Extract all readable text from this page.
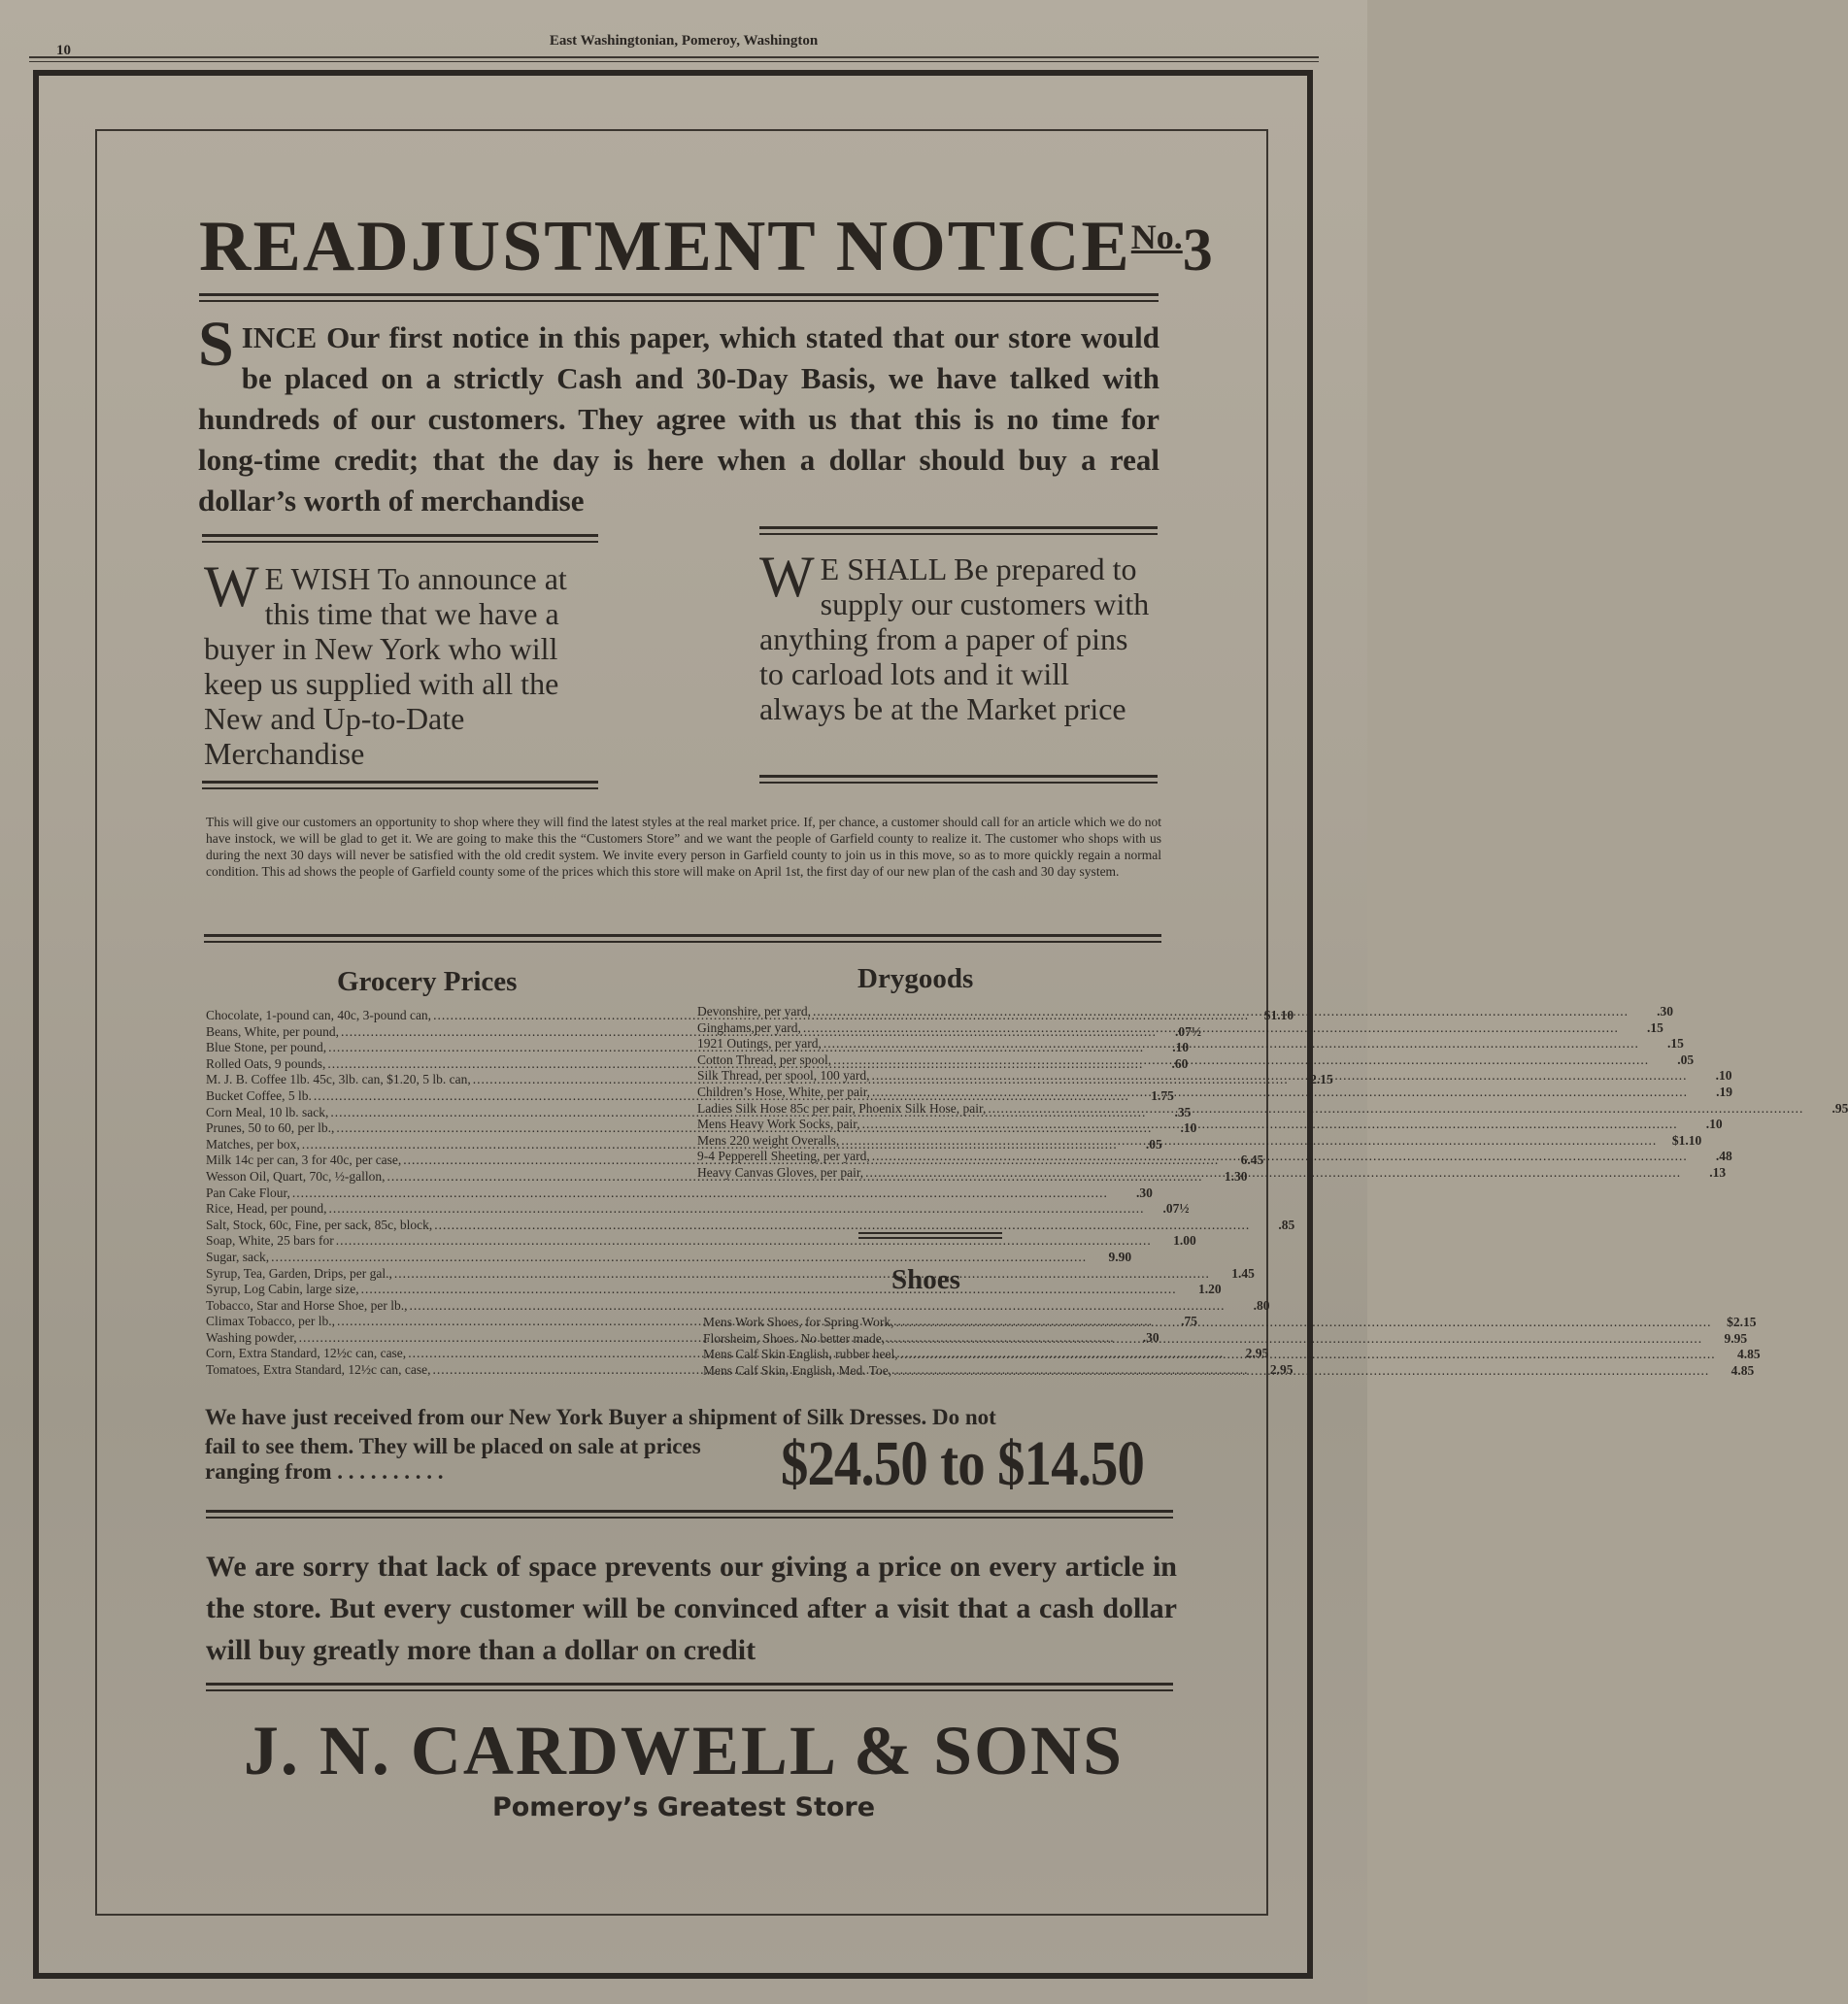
10
East Washingtonian, Pomeroy, Washington
READJUSTMENT $NOTICE^{No.}3$
SINCE Our first notice in this paper, which stated that our store would be placed on a strictly Cash and 30-Day Basis, we have talked with hundreds of our customers. They agree with us that this is no time for long-time credit; that the day is here when a dollar should buy a real dollar’s worth of merchandise
W E WISH To announce at this time that we have a buyer in New York who will keep us supplied with all the New and Up-to-Date Merchandise
W E SHALL Be prepared to supply our customers with anything from a paper of pins to carload lots and it will always be at the Market price
This will give our customers an opportunity to shop where they will find the latest styles at the real market price. If, per chance, a customer should call for an article which we do not have instock, we will be glad to get it. We are going to make this the “Customers Store” and we want the people of Garfield county to realize it. The customer who shops with us during the next 30 days will never be satisfied with the old credit system. We invite every person in Garfield county to join us in this move, so as to more quickly regain a normal condition. This ad shows the people of Garfield county some of the prices which this store will make on April 1st, the first day of our new plan of the cash and 30 day system.
Grocery Prices	Drygoods
Chocolate, 1-pound can, 40c, 3-pound can, .....	$1.10
Beans, White, per pound, .....	.07½
Blue Stone, per pound, .....	.10
Rolled Oats, 9 pounds, .....	.60
M. J. B. Coffee 1lb. 45c, 3lb. can, $1.20, 5 lb. can, .....	2.15
Bucket Coffee, 5 lb. .....	1.75
Corn Meal, 10 lb. sack, .....	.35
Prunes, 50 to 60, per lb., .....	.10
Matches, per box, .....	.05
Milk 14c per can, 3 for 40c, per case, .....	6.45
Wesson Oil, Quart, 70c, ½-gallon, .....	1.30
Pan Cake Flour, .....	.30
Rice, Head, per pound, .....	.07½
Salt, Stock, 60c, Fine, per sack, 85c, block, .....	.85
Soap, White, 25 bars for .....	1.00
Sugar, sack, .....	9.90
Syrup, Tea, Garden, Drips, per gal., .....	1.45
Syrup, Log Cabin, large size, .....	1.20
Tobacco, Star and Horse Shoe, per lb., .....	.80
Climax Tobacco, per lb., .....	.75
Washing powder, .....	.30
Corn, Extra Standard, 12½c can, case, .....	2.95
Tomatoes, Extra Standard, 12½c can, case, .....	2.95
Devonshire, per yard, .....	.30
Ginghams,per yard, .....	.15
1921 Outings, per yard, .....	.15
Cotton Thread, per spool, .....	.05
Silk Thread, per spool, 100 yard, .....	.10
Children’s Hose, White, per pair, .....	.19
Ladies Silk Hose 85c per pair, Phoenix Silk Hose, pair, .....	.95
Mens Heavy Work Socks, pair, .....	.10
Mens 220 weight Overalls, .....	$1.10
9-4 Pepperell Sheeting, per yard, .....	.48
Heavy Canvas Gloves, per pair, .....	.13
Shoes
Mens Work Shoes, for Spring Work, .....	$2.15
Florsheim, Shoes. No better made, .....	9.95
Mens Calf Skin English, rubber heel, .....	4.85
Mens Calf Skin, English, Med. Toe, .....	4.85
We have just received from our New York Buyer a shipment of Silk Dresses. Do not
fail to see them. They will be placed on sale at prices ranging from . . . . . . . . . .	$24.50 to $14.50
We are sorry that lack of space prevents our giving a price on every article in the store. But every customer will be convinced after a visit that a cash dollar will buy greatly more than a dollar on credit
J. N. CARDWELL & SONS
Pomeroy’s Greatest Store
